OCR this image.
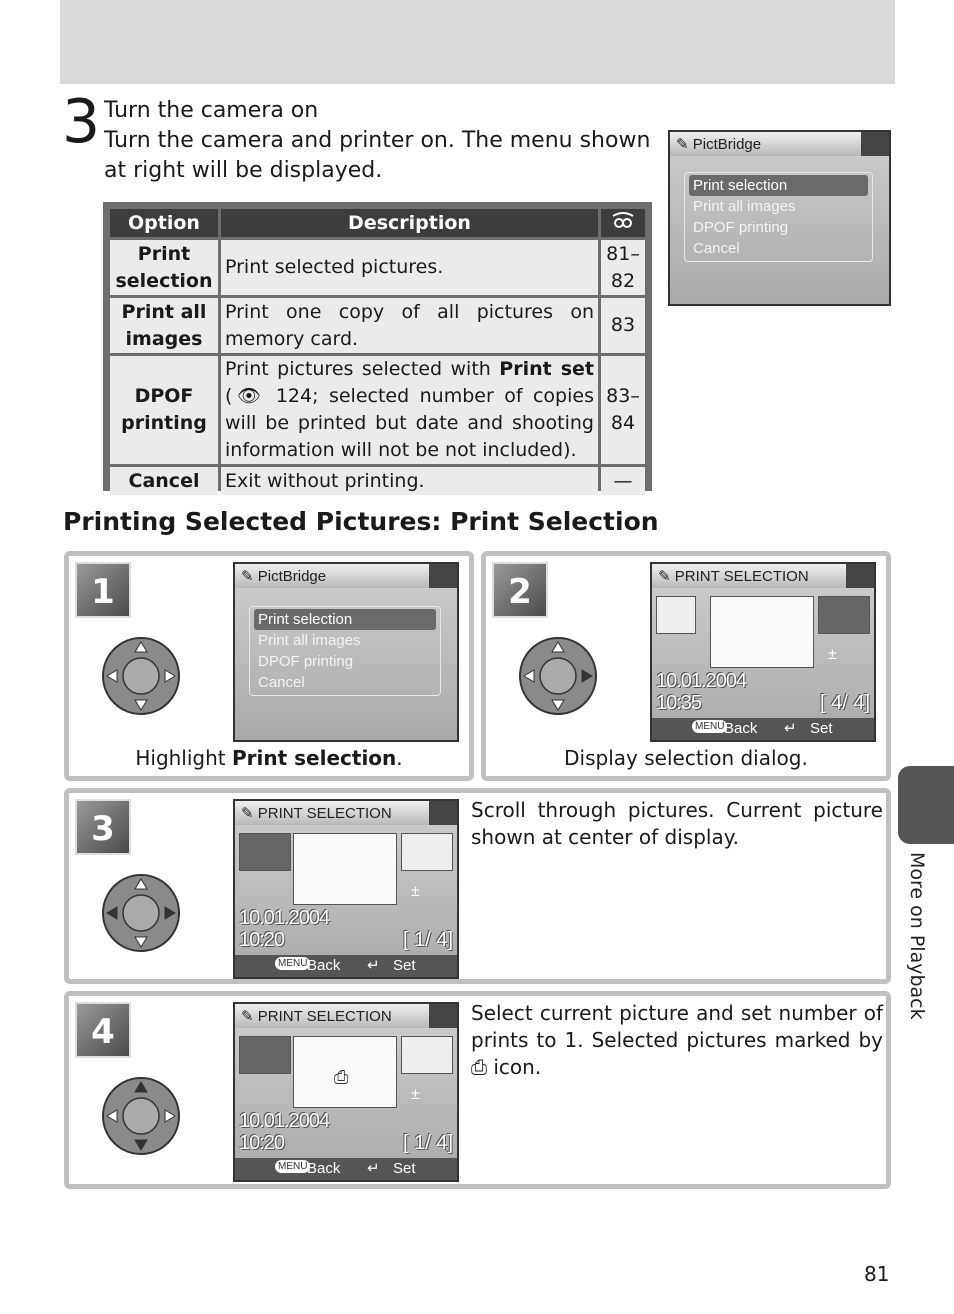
3 Turn the camera on
Turn the camera and printer on. The menu shown at right will be displayed.
Option	Description	
Print selection	Print selected pictures.	81–82
Print all images	Print one copy of all pictures on memory card.	83
DPOF printing	Print pictures selected with Print set (👁 124; selected number of copies will be printed but date and shooting information will not be not included).	83–84
Cancel	Exit without printing.	—
✎ PictBridge
Print selection
Print all images
DPOF printing
Cancel
Printing Selected Pictures: Print Selection
1	✎ PictBridge
Print selection
Print all images
DPOF printing
Cancel
Highlight Print selection.
2	✎ PRINT SELECTION
±
10.01.2004
10:35	[ 4/ 4]
MENU Back ↵ Set
Display selection dialog.
3	✎ PRINT SELECTION
±
10.01.2004
10:20	[ 1/ 4]
MENU Back ↵ Set
Scroll through pictures. Current picture shown at center of display.
4	✎ PRINT SELECTION
⎙
±
10.01.2004
10:20	[ 1/ 4]
MENU Back ↵ Set
Select current picture and set number of prints to 1. Selected pictures marked by ⎙ icon.
More on Playback
81
